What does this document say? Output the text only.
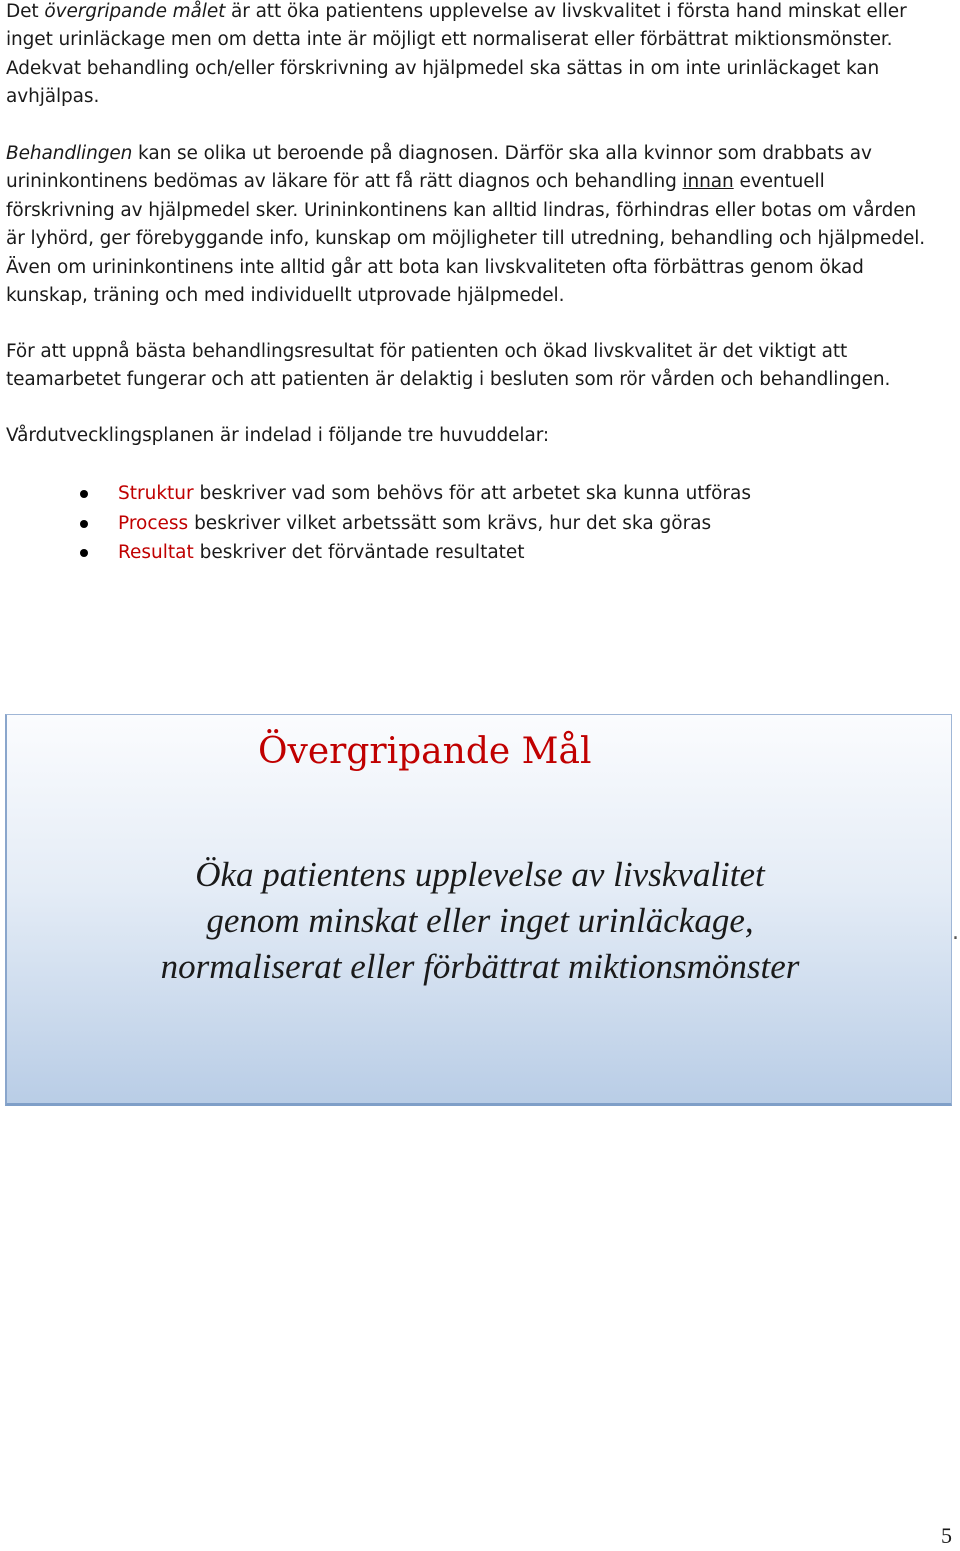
Det övergripande målet är att öka patientens upplevelse av livskvalitet i första hand minskat eller
inget urinläckage men om detta inte är möjligt ett normaliserat eller förbättrat miktionsmönster.
Adekvat behandling och/eller förskrivning av hjälpmedel ska sättas in om inte urinläckaget kan
avhjälpas.

Behandlingen kan se olika ut beroende på diagnosen. Därför ska alla kvinnor som drabbats av
urininkontinens bedömas av läkare för att få rätt diagnos och behandling innan eventuell
förskrivning av hjälpmedel sker. Urininkontinens kan alltid lindras, förhindras eller botas om vården
är lyhörd, ger förebyggande info, kunskap om möjligheter till utredning, behandling och hjälpmedel.
Även om urininkontinens inte alltid går att bota kan livskvaliteten ofta förbättras genom ökad
kunskap, träning och med individuellt utprovade hjälpmedel.

För att uppnå bästa behandlingsresultat för patienten och ökad livskvalitet är det viktigt att
teamarbetet fungerar och att patienten är delaktig i besluten som rör vården och behandlingen.

Vårdutvecklingsplanen är indelad i följande tre huvuddelar:

Struktur beskriver vad som behövs för att arbetet ska kunna utföras
Process beskriver vilket arbetssätt som krävs, hur det ska göras
Resultat beskriver det förväntade resultatet
Övergripande Mål
Öka patientens upplevelse av livskvalitet
genom minskat eller inget urinläckage,
normaliserat eller förbättrat miktionsmönster
.
5
